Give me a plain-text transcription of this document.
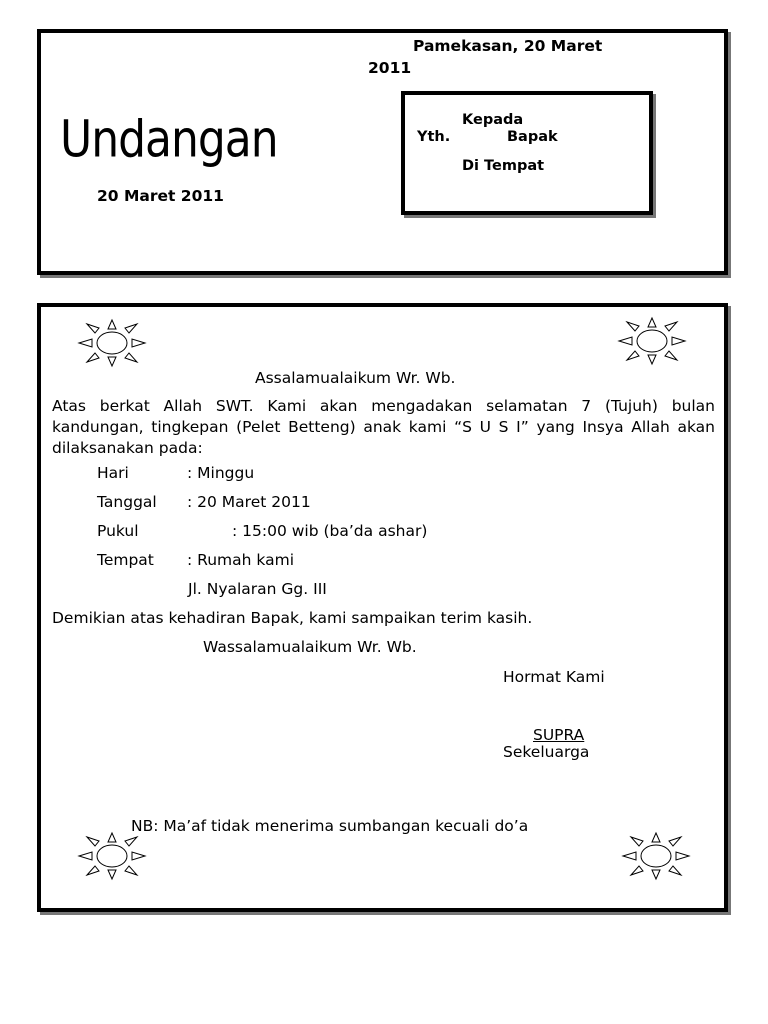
Pamekasan, 20 Maret
2011
Undangan
20 Maret 2011
Kepada
Yth.	Bapak
Di Tempat
Assalamualaikum Wr. Wb.
Atas berkat Allah SWT. Kami akan mengadakan selamatan 7 (Tujuh) bulan kandungan, tingkepan (Pelet Betteng) anak kami “S U S I” yang Insya Allah akan dilaksanakan pada:
Hari	: Minggu
Tanggal : 20 Maret 2011
Pukul	: 15:00 wib (ba’da ashar)
Tempat : Rumah kami
Jl. Nyalaran Gg. III
Demikian atas kehadiran Bapak, kami sampaikan terim kasih.
Wassalamualaikum Wr. Wb.
Hormat Kami
SUPRA
Sekeluarga
NB: Ma’af tidak menerima sumbangan kecuali do’a
